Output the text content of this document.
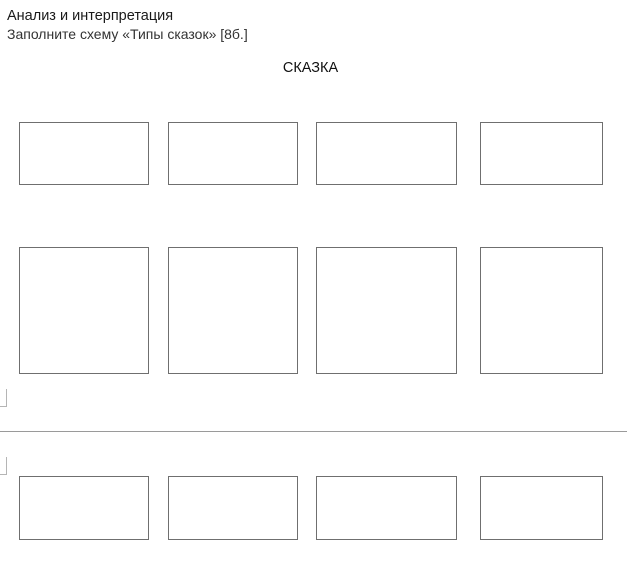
Анализ и интерпретация
Заполните схему «Типы сказок» [8б.]
СКАЗКА
